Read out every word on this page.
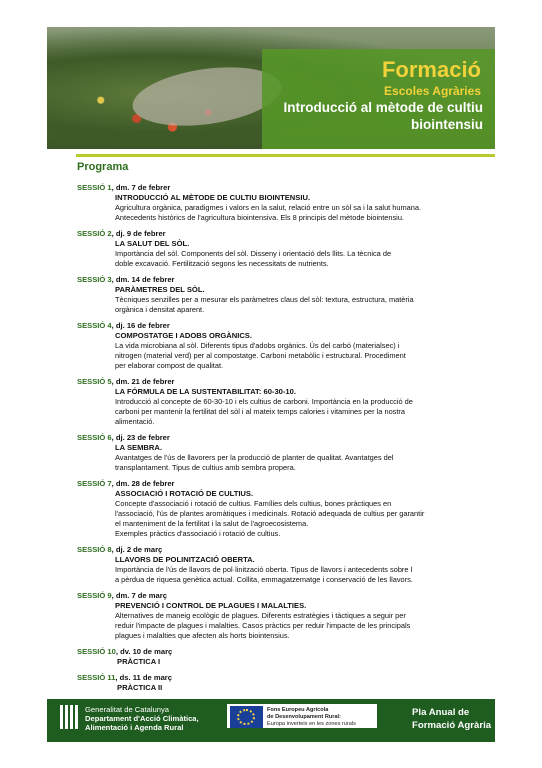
Formació
Escoles Agràries
Introducció al mètode de cultiu
biointensiu
Programa
SESSIÓ 1, dm. 7 de febrer
INTRODUCCIÓ AL MÈTODE DE CULTIU BIOINTENSIU.
Agricultura orgànica, paradigmes i valors en la salut, relació entre un sòl sa i la salut humana.
Antecedents històrics de l'agricultura biointensiva. Els 8 principis del mètode biointensiu.
SESSIÓ 2, dj. 9 de febrer
LA SALUT DEL SÒL.
Importància del sòl. Components del sòl. Disseny i orientació dels llits. La tècnica de
doble excavació. Fertilització segons les necessitats de nutrients.
SESSIÓ 3, dm. 14 de febrer
PARÀMETRES DEL SÒL.
Tècniques senzilles per a mesurar els paràmetres claus del sòl: textura, estructura, matèria
orgànica i densitat aparent.
SESSIÓ 4, dj. 16 de febrer
COMPOSTATGE I ADOBS ORGÀNICS.
La vida microbiana al sòl. Diferents tipus d'adobs orgànics. Ús del carbó (materialsec) i
nitrogen (material verd) per al compostatge. Carboni metabòlic i estructural. Procediment
per elaborar compost de qualitat.
SESSIÓ 5, dm. 21 de febrer
LA FÓRMULA DE LA SUSTENTABILITAT: 60-30-10.
Introducció al concepte de 60-30-10 i els cultius de carboni. Importància en la producció de
carboni per mantenir la fertilitat del sòl i al mateix temps calories i vitamines per la nostra
alimentació.
SESSIÓ 6, dj. 23 de febrer
LA SEMBRA.
Avantatges de l'ús de llavorers per la producció de planter de qualitat. Avantatges del
transplantament. Tipus de cultius amb sembra propera.
SESSIÓ 7, dm. 28 de febrer
ASSOCIACIÓ I ROTACIÓ DE CULTIUS.
Concepte d'associació i rotació de cultius. Famílies dels cultius, bones pràctiques en
l'associació, l'ús de plantes aromàtiques i medicinals. Rotació adequada de cultius per garantir
el manteniment de la fertilitat i la salut de l'agroecosistema.
Exemples pràctics d'associació i rotació de cultius.
SESSIÓ 8, dj. 2 de març
LLAVORS DE POLINITZACIÓ OBERTA.
Importància de l'ús de llavors de pol·linització oberta. Tipus de llavors i antecedents sobre l
a pèrdua de riquesa genètica actual. Collita, emmagatzematge i conservació de les llavors.
SESSIÓ 9, dm. 7 de març
PREVENCIÓ I CONTROL DE PLAGUES I MALALTIES.
Alternatives de maneig ecològic de plagues. Diferents estratègies i tàctiques a seguir per
reduir l'impacte de plagues i malalties. Casos pràctics per reduir l'impacte de les principals
plagues i malalties que afecten als horts biointensius.
SESSIÓ 10, dv. 10 de març
PRÀCTICA I
SESSIÓ 11, ds. 11 de març
PRÀCTICA II
Generalitat de Catalunya
Departament d'Acció Climàtica,
Alimentació i Agenda Rural
Fons Europeu Agrícola
de Desenvolupament Rural:
Europa inverteix en les zones rurals
Pla Anual de
Formació Agrària
